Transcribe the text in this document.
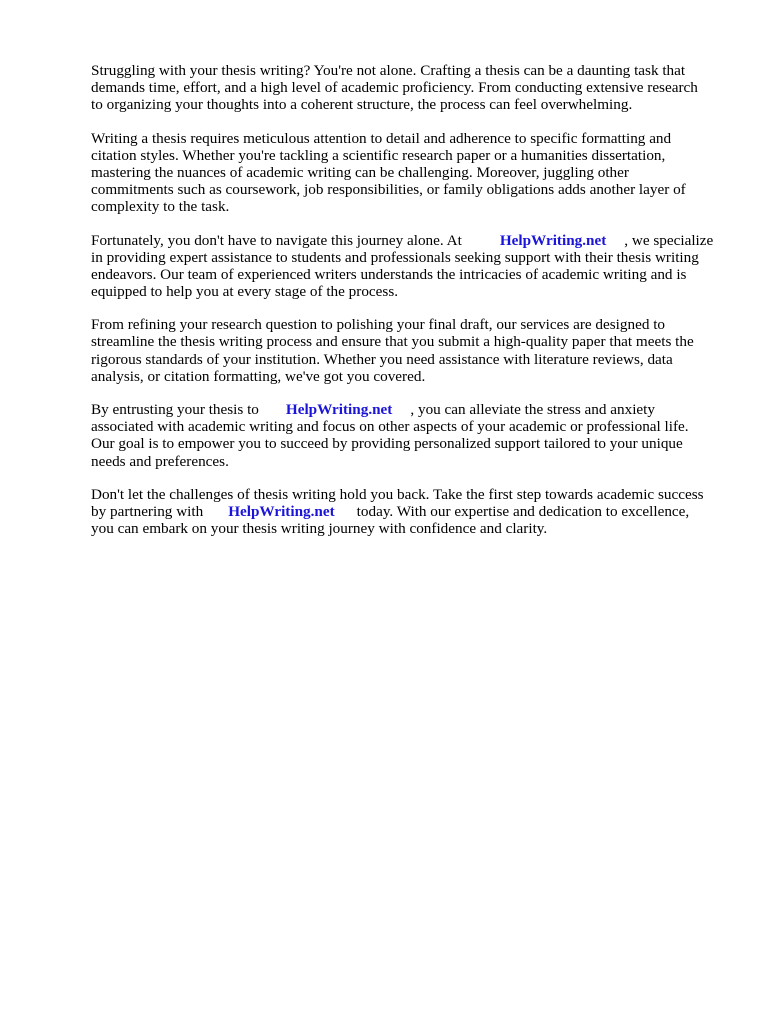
Struggling with your thesis writing? You're not alone. Crafting a thesis can be a daunting task that
demands time, effort, and a high level of academic proficiency. From conducting extensive research
to organizing your thoughts into a coherent structure, the process can feel overwhelming.

Writing a thesis requires meticulous attention to detail and adherence to specific formatting and
citation styles. Whether you're tackling a scientific research paper or a humanities dissertation,
mastering the nuances of academic writing can be challenging. Moreover, juggling other
commitments such as coursework, job responsibilities, or family obligations adds another layer of
complexity to the task.

Fortunately, you don't have to navigate this journey alone. At	HelpWriting.net , we specialize
in providing expert assistance to students and professionals seeking support with their thesis writing
endeavors. Our team of experienced writers understands the intricacies of academic writing and is
equipped to help you at every stage of the process.

From refining your research question to polishing your final draft, our services are designed to
streamline the thesis writing process and ensure that you submit a high-quality paper that meets the
rigorous standards of your institution. Whether you need assistance with literature reviews, data
analysis, or citation formatting, we've got you covered.

By entrusting your thesis to HelpWriting.net , you can alleviate the stress and anxiety
associated with academic writing and focus on other aspects of your academic or professional life.
Our goal is to empower you to succeed by providing personalized support tailored to your unique
needs and preferences.

Don't let the challenges of thesis writing hold you back. Take the first step towards academic success
by partnering with HelpWriting.net today. With our expertise and dedication to excellence,
you can embark on your thesis writing journey with confidence and clarity.
